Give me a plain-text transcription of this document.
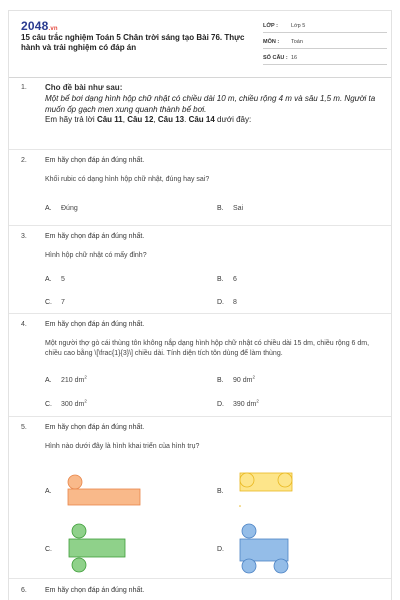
2048.vn
15 câu trắc nghiệm Toán 5 Chân trời sáng tạo Bài 76. Thực hành và trải nghiệm có đáp án
LỚP :	Lớp 5
MÔN :	Toán
SỐ CÂU : 16
1.	Cho đề bài như sau:
Một bể bơi dạng hình hộp chữ nhật có chiều dài 10 m, chiều rộng 4 m và sâu 1,5 m. Người ta muốn ốp gạch men xung quanh thành bể bơi.
Em hãy trả lời Câu 11, Câu 12, Câu 13. Câu 14 dưới đây:
2.	Em hãy chọn đáp án đúng nhất.
Khối rubic có dạng hình hộp chữ nhật, đúng hay sai?
A. Đúng	B. Sai
3.	Em hãy chọn đáp án đúng nhất.
Hình hộp chữ nhật có mấy đỉnh?
A. 5	B. 6
C. 7	D. 8
4.	Em hãy chọn đáp án đúng nhất.
Một người thợ gò cái thùng tôn không nắp dạng hình hộp chữ nhật có chiều dài 15 dm, chiều rộng 6 dm, chiều cao bằng \[\frac{1}{3}\] chiều dài. Tính diện tích tôn dùng để làm thùng.
A. 210 $dm^2$	B. 90 $dm^2$
C. 300 $dm^2$	D. 390 $dm^2$
5.	Em hãy chọn đáp án đúng nhất.
Hình nào dưới đây là hình khai triển của hình trụ?
A.	B.
C.	D.
6.	Em hãy chọn đáp án đúng nhất.
